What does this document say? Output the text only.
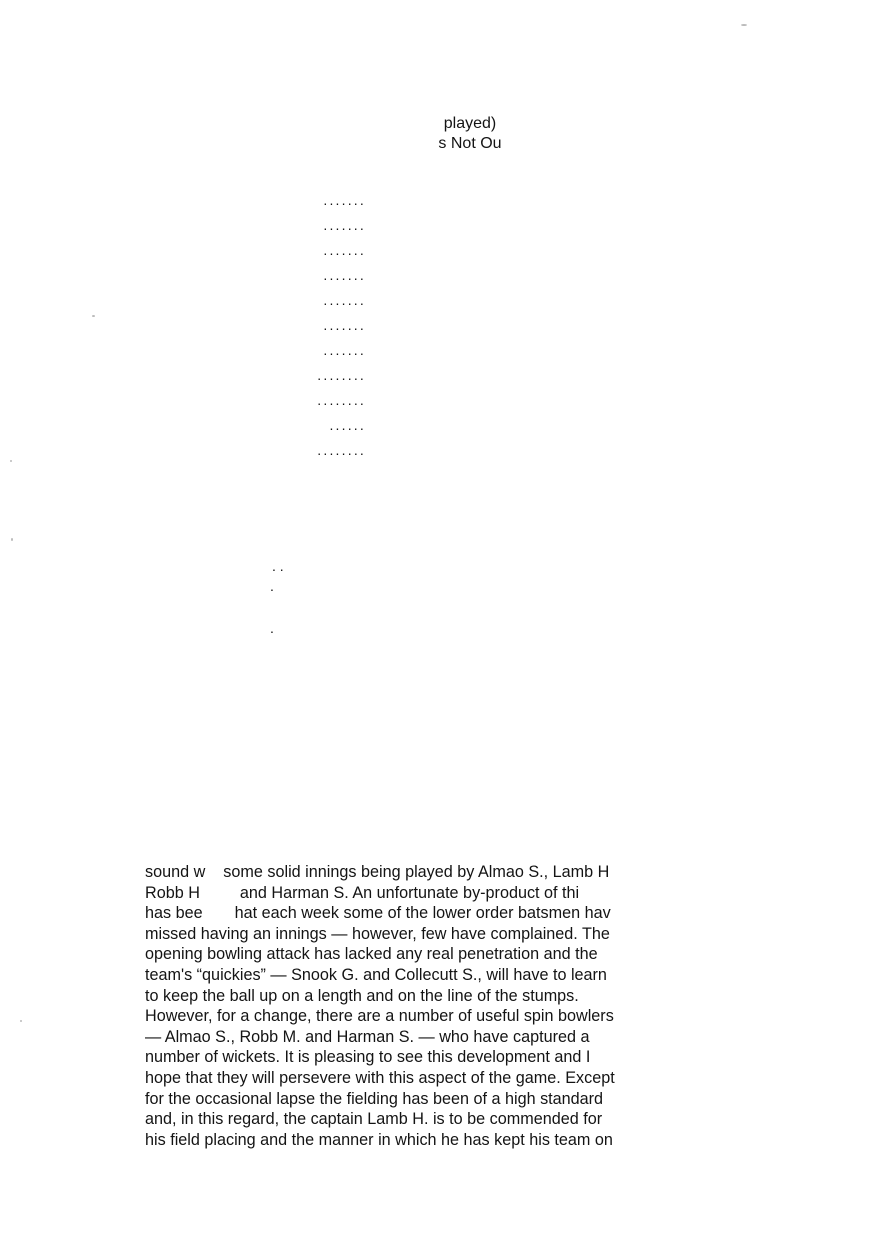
played)
s Not Ou
.......
.......
.......
.......
.......
.......
.......
........
........
......
........
. .
.
.
sound w some solid innings being played by Almao S., Lamb H
Robb H and Harman S. An unfortunate by-product of thi
has bee hat each week some of the lower order batsmen hav
missed having an innings — however, few have complained. The
opening bowling attack has lacked any real penetration and the
team's “quickies” — Snook G. and Collecutt S., will have to learn
to keep the ball up on a length and on the line of the stumps.
However, for a change, there are a number of useful spin bowlers
— Almao S., Robb M. and Harman S. — who have captured a
number of wickets. It is pleasing to see this development and I
hope that they will persevere with this aspect of the game. Except
for the occasional lapse the fielding has been of a high standard
and, in this regard, the captain Lamb H. is to be commended for
his field placing and the manner in which he has kept his team on
